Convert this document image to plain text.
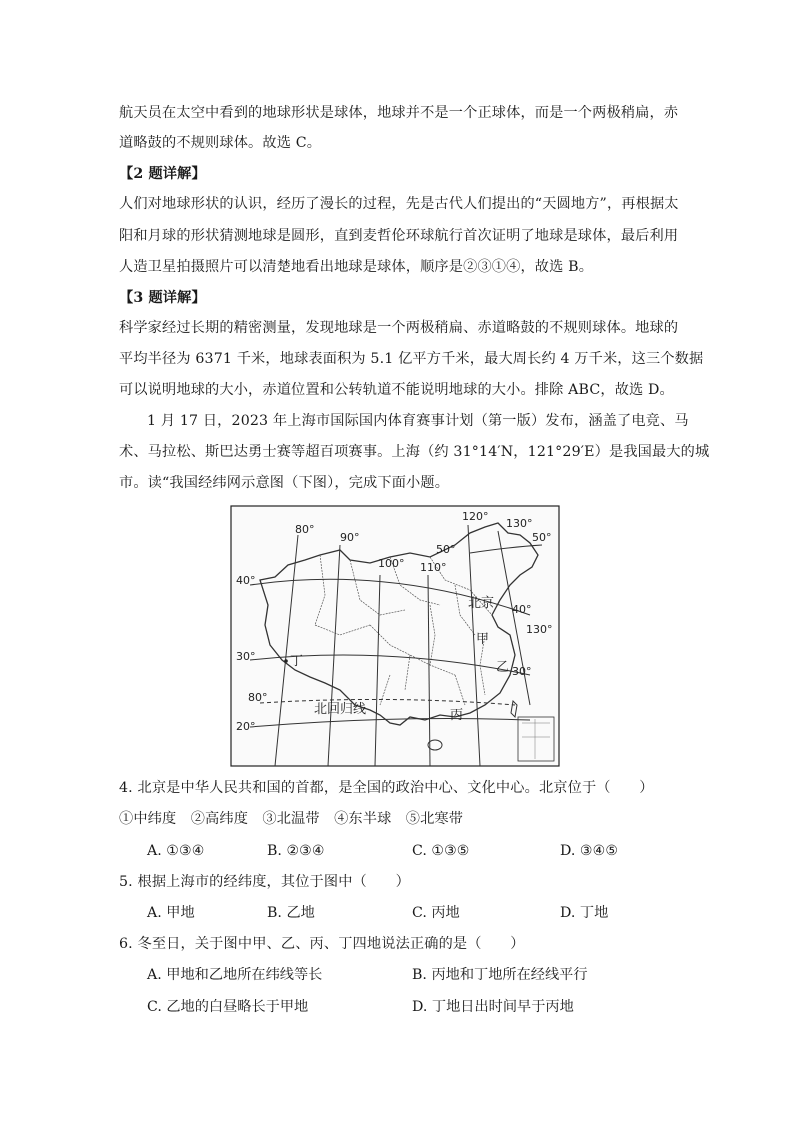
航天员在太空中看到的地球形状是球体，地球并不是一个正球体，而是一个两极稍扁，赤
道略鼓的不规则球体。故选 C。
【2 题详解】
人们对地球形状的认识，经历了漫长的过程，先是古代人们提出的“天圆地方”，再根据太
阳和月球的形状猜测地球是圆形，直到麦哲伦环球航行首次证明了地球是球体，最后利用
人造卫星拍摄照片可以清楚地看出地球是球体，顺序是②③①④，故选 B。
【3 题详解】
科学家经过长期的精密测量，发现地球是一个两极稍扁、赤道略鼓的不规则球体。地球的
平均半径为 6371 千米，地球表面积为 5.1 亿平方千米，最大周长约 4 万千米，这三个数据
可以说明地球的大小，赤道位置和公转轨道不能说明地球的大小。排除 ABC，故选 D。
1 月 17 日，2023 年上海市国际国内体育赛事计划（第一版）发布，涵盖了电竞、马
术、马拉松、斯巴达勇士赛等超百项赛事。上海（约 31°14′N，121°29′E）是我国最大的城
市。读“我国经纬网示意图（下图），完成下面小题。
80°
90°
100° 110°
120°
130°
40°
30°
20°
50°
40°
30°
50°
80°
130°
北京
甲
乙
丙
丁
北回归线
4. 北京是中华人民共和国的首都，是全国的政治中心、文化中心。北京位于（　　）
①中纬度　②高纬度　③北温带　④东半球　⑤北寒带
A. ①③④	B. ②③④	C. ①③⑤	D. ③④⑤
5. 根据上海市的经纬度，其位于图中（　　）
A. 甲地	B. 乙地	C. 丙地	D. 丁地
6. 冬至日，关于图中甲、乙、丙、丁四地说法正确的是（　　）
A. 甲地和乙地所在纬线等长	B. 丙地和丁地所在经线平行
C. 乙地的白昼略长于甲地	D. 丁地日出时间早于丙地
